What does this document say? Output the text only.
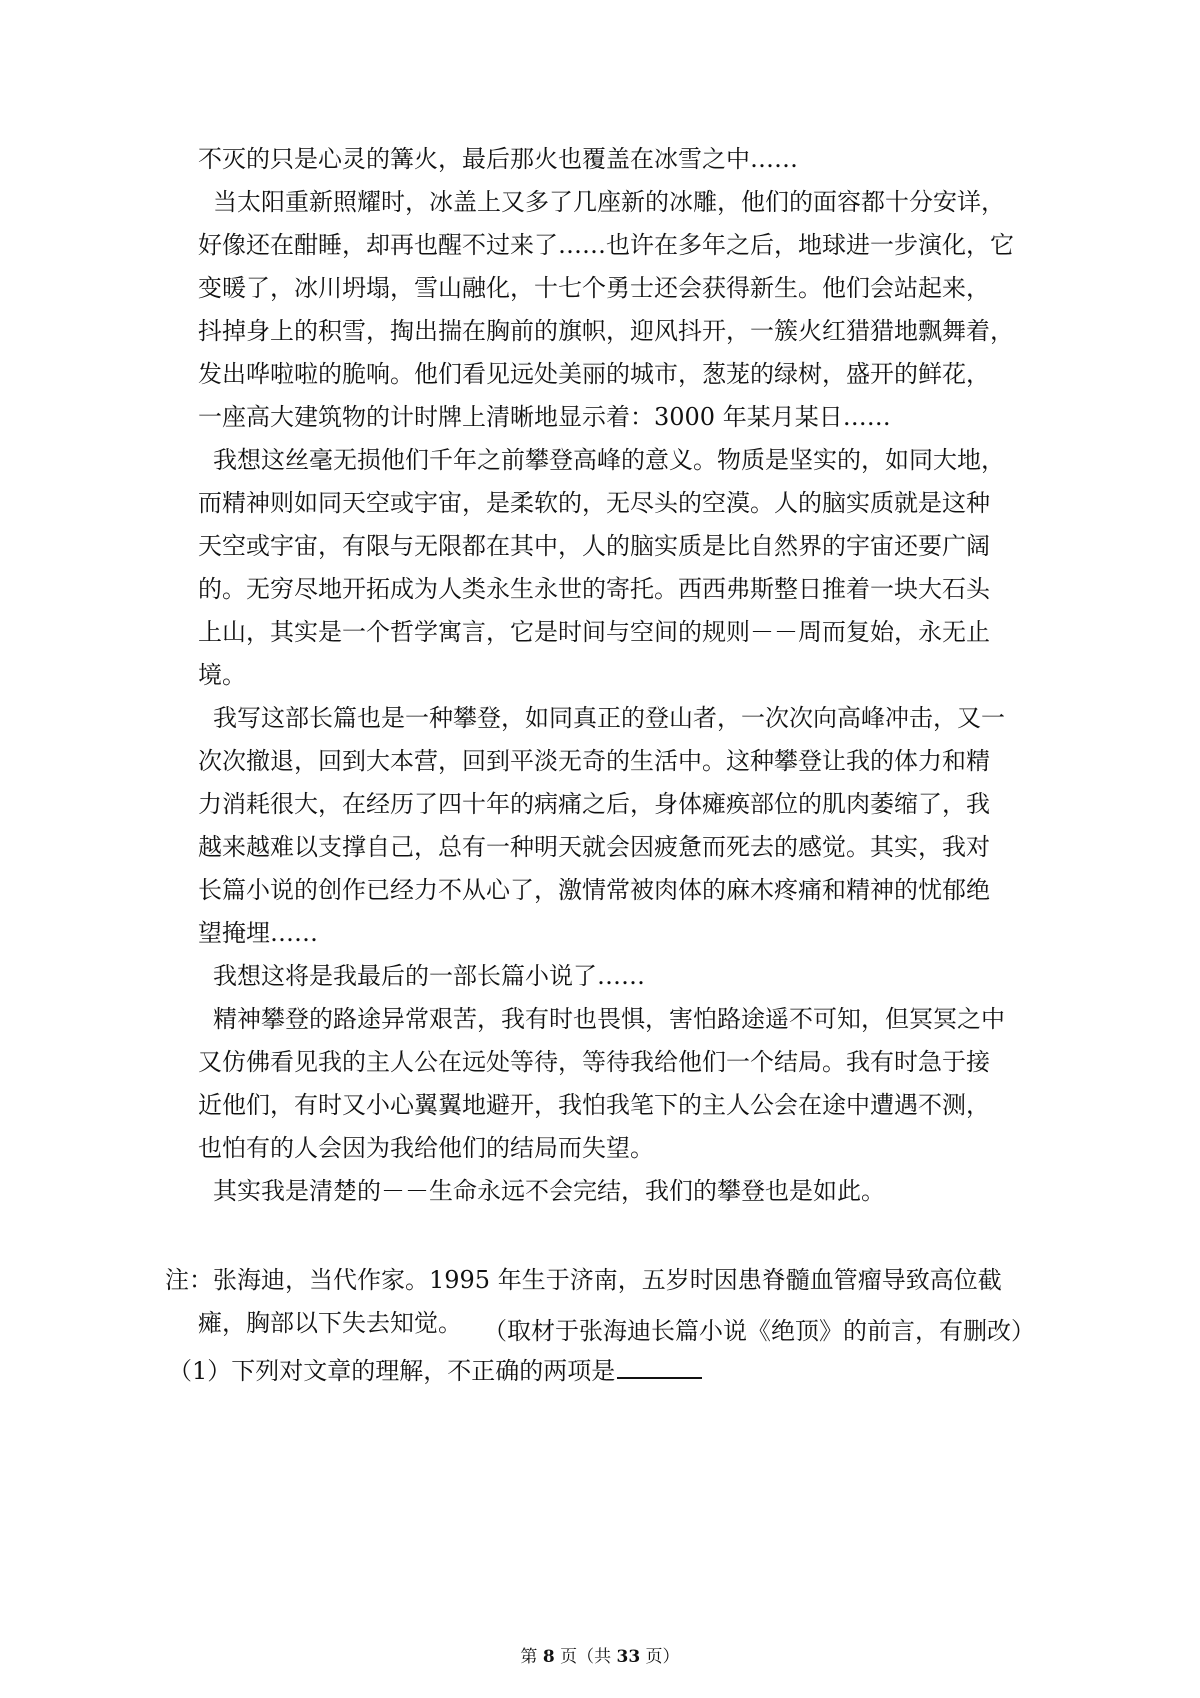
不灭的只是心灵的篝火，最后那火也覆盖在冰雪之中……

当太阳重新照耀时，冰盖上又多了几座新的冰雕，他们的面容都十分安详，

好像还在酣睡，却再也醒不过来了……也许在多年之后，地球进一步演化，它

变暖了，冰川坍塌，雪山融化，十七个勇士还会获得新生。他们会站起来，

抖掉身上的积雪，掏出揣在胸前的旗帜，迎风抖开，一簇火红猎猎地飘舞着，

发出哗啦啦的脆响。他们看见远处美丽的城市，葱茏的绿树，盛开的鲜花，

一座高大建筑物的计时牌上清晰地显示着：3000 年某月某日……

我想这丝毫无损他们千年之前攀登高峰的意义。物质是坚实的，如同大地，

而精神则如同天空或宇宙，是柔软的，无尽头的空漠。人的脑实质就是这种

天空或宇宙，有限与无限都在其中，人的脑实质是比自然界的宇宙还要广阔

的。无穷尽地开拓成为人类永生永世的寄托。西西弗斯整日推着一块大石头

上山，其实是一个哲学寓言，它是时间与空间的规则－－周而复始，永无止

境。

我写这部长篇也是一种攀登，如同真正的登山者，一次次向高峰冲击，又一

次次撤退，回到大本营，回到平淡无奇的生活中。这种攀登让我的体力和精

力消耗很大，在经历了四十年的病痛之后，身体瘫痪部位的肌肉萎缩了，我

越来越难以支撑自己，总有一种明天就会因疲惫而死去的感觉。其实，我对

长篇小说的创作已经力不从心了，激情常被肉体的麻木疼痛和精神的忧郁绝

望掩埋……

我想这将是我最后的一部长篇小说了……

精神攀登的路途异常艰苦，我有时也畏惧，害怕路途遥不可知，但冥冥之中

又仿佛看见我的主人公在远处等待，等待我给他们一个结局。我有时急于接

近他们，有时又小心翼翼地避开，我怕我笔下的主人公会在途中遭遇不测，

也怕有的人会因为我给他们的结局而失望。

其实我是清楚的－－生命永远不会完结，我们的攀登也是如此。

（取材于张海迪长篇小说《绝顶》的前言，有删改）

注：张海迪，当代作家。1995 年生于济南，五岁时因患脊髓血管瘤导致高位截

瘫，胸部以下失去知觉。

（1）下列对文章的理解，不正确的两项是

第 8 页（共 33 页）
